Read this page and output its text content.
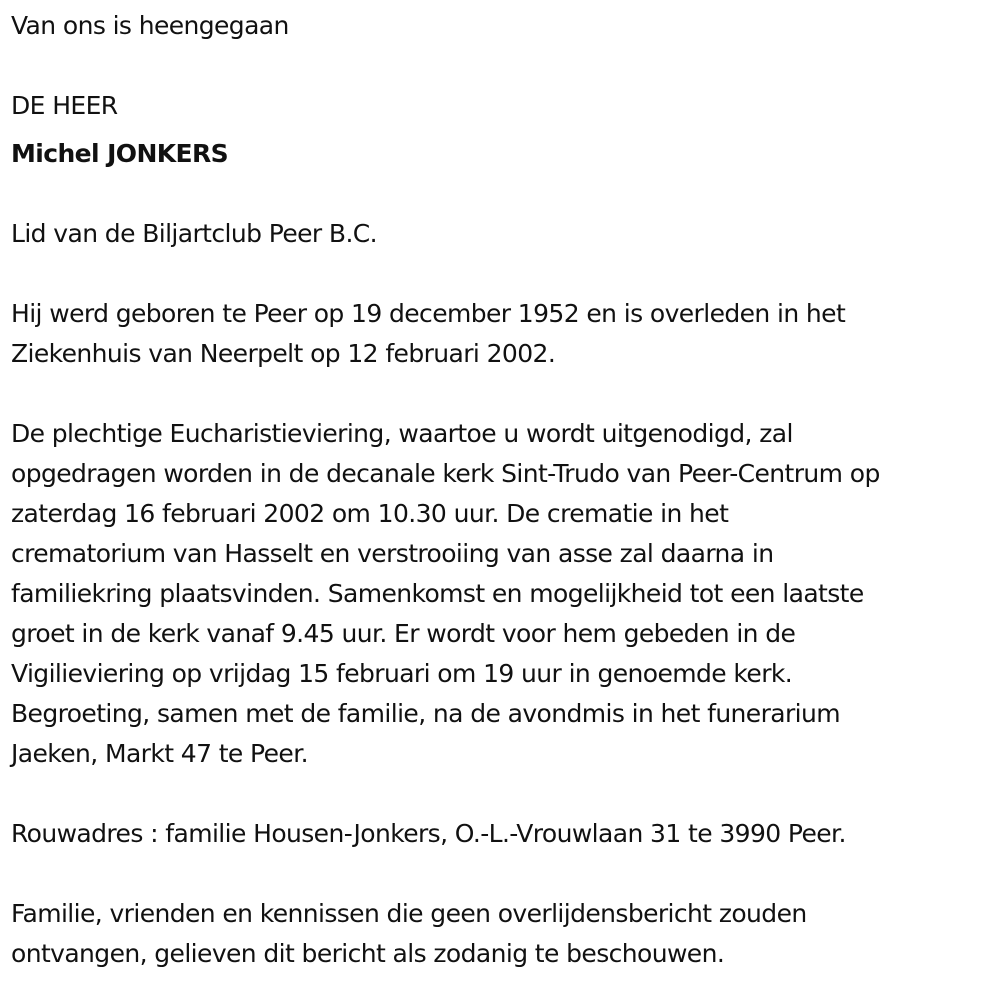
Van ons is heengegaan
DE HEER
Michel JONKERS
Lid van de Biljartclub Peer B.C.
Hij werd geboren te Peer op 19 december 1952 en is overleden in het
Ziekenhuis van Neerpelt op 12 februari 2002.
De plechtige Eucharistieviering, waartoe u wordt uitgenodigd, zal
opgedragen worden in de decanale kerk Sint-Trudo van Peer-Centrum op
zaterdag 16 februari 2002 om 10.30 uur. De crematie in het
crematorium van Hasselt en verstrooiing van asse zal daarna in
familiekring plaatsvinden. Samenkomst en mogelijkheid tot een laatste
groet in de kerk vanaf 9.45 uur. Er wordt voor hem gebeden in de
Vigilieviering op vrijdag 15 februari om 19 uur in genoemde kerk.
Begroeting, samen met de familie, na de avondmis in het funerarium
Jaeken, Markt 47 te Peer.
Rouwadres : familie Housen-Jonkers, O.-L.-Vrouwlaan 31 te 3990 Peer.
Familie, vrienden en kennissen die geen overlijdensbericht zouden
ontvangen, gelieven dit bericht als zodanig te beschouwen.
